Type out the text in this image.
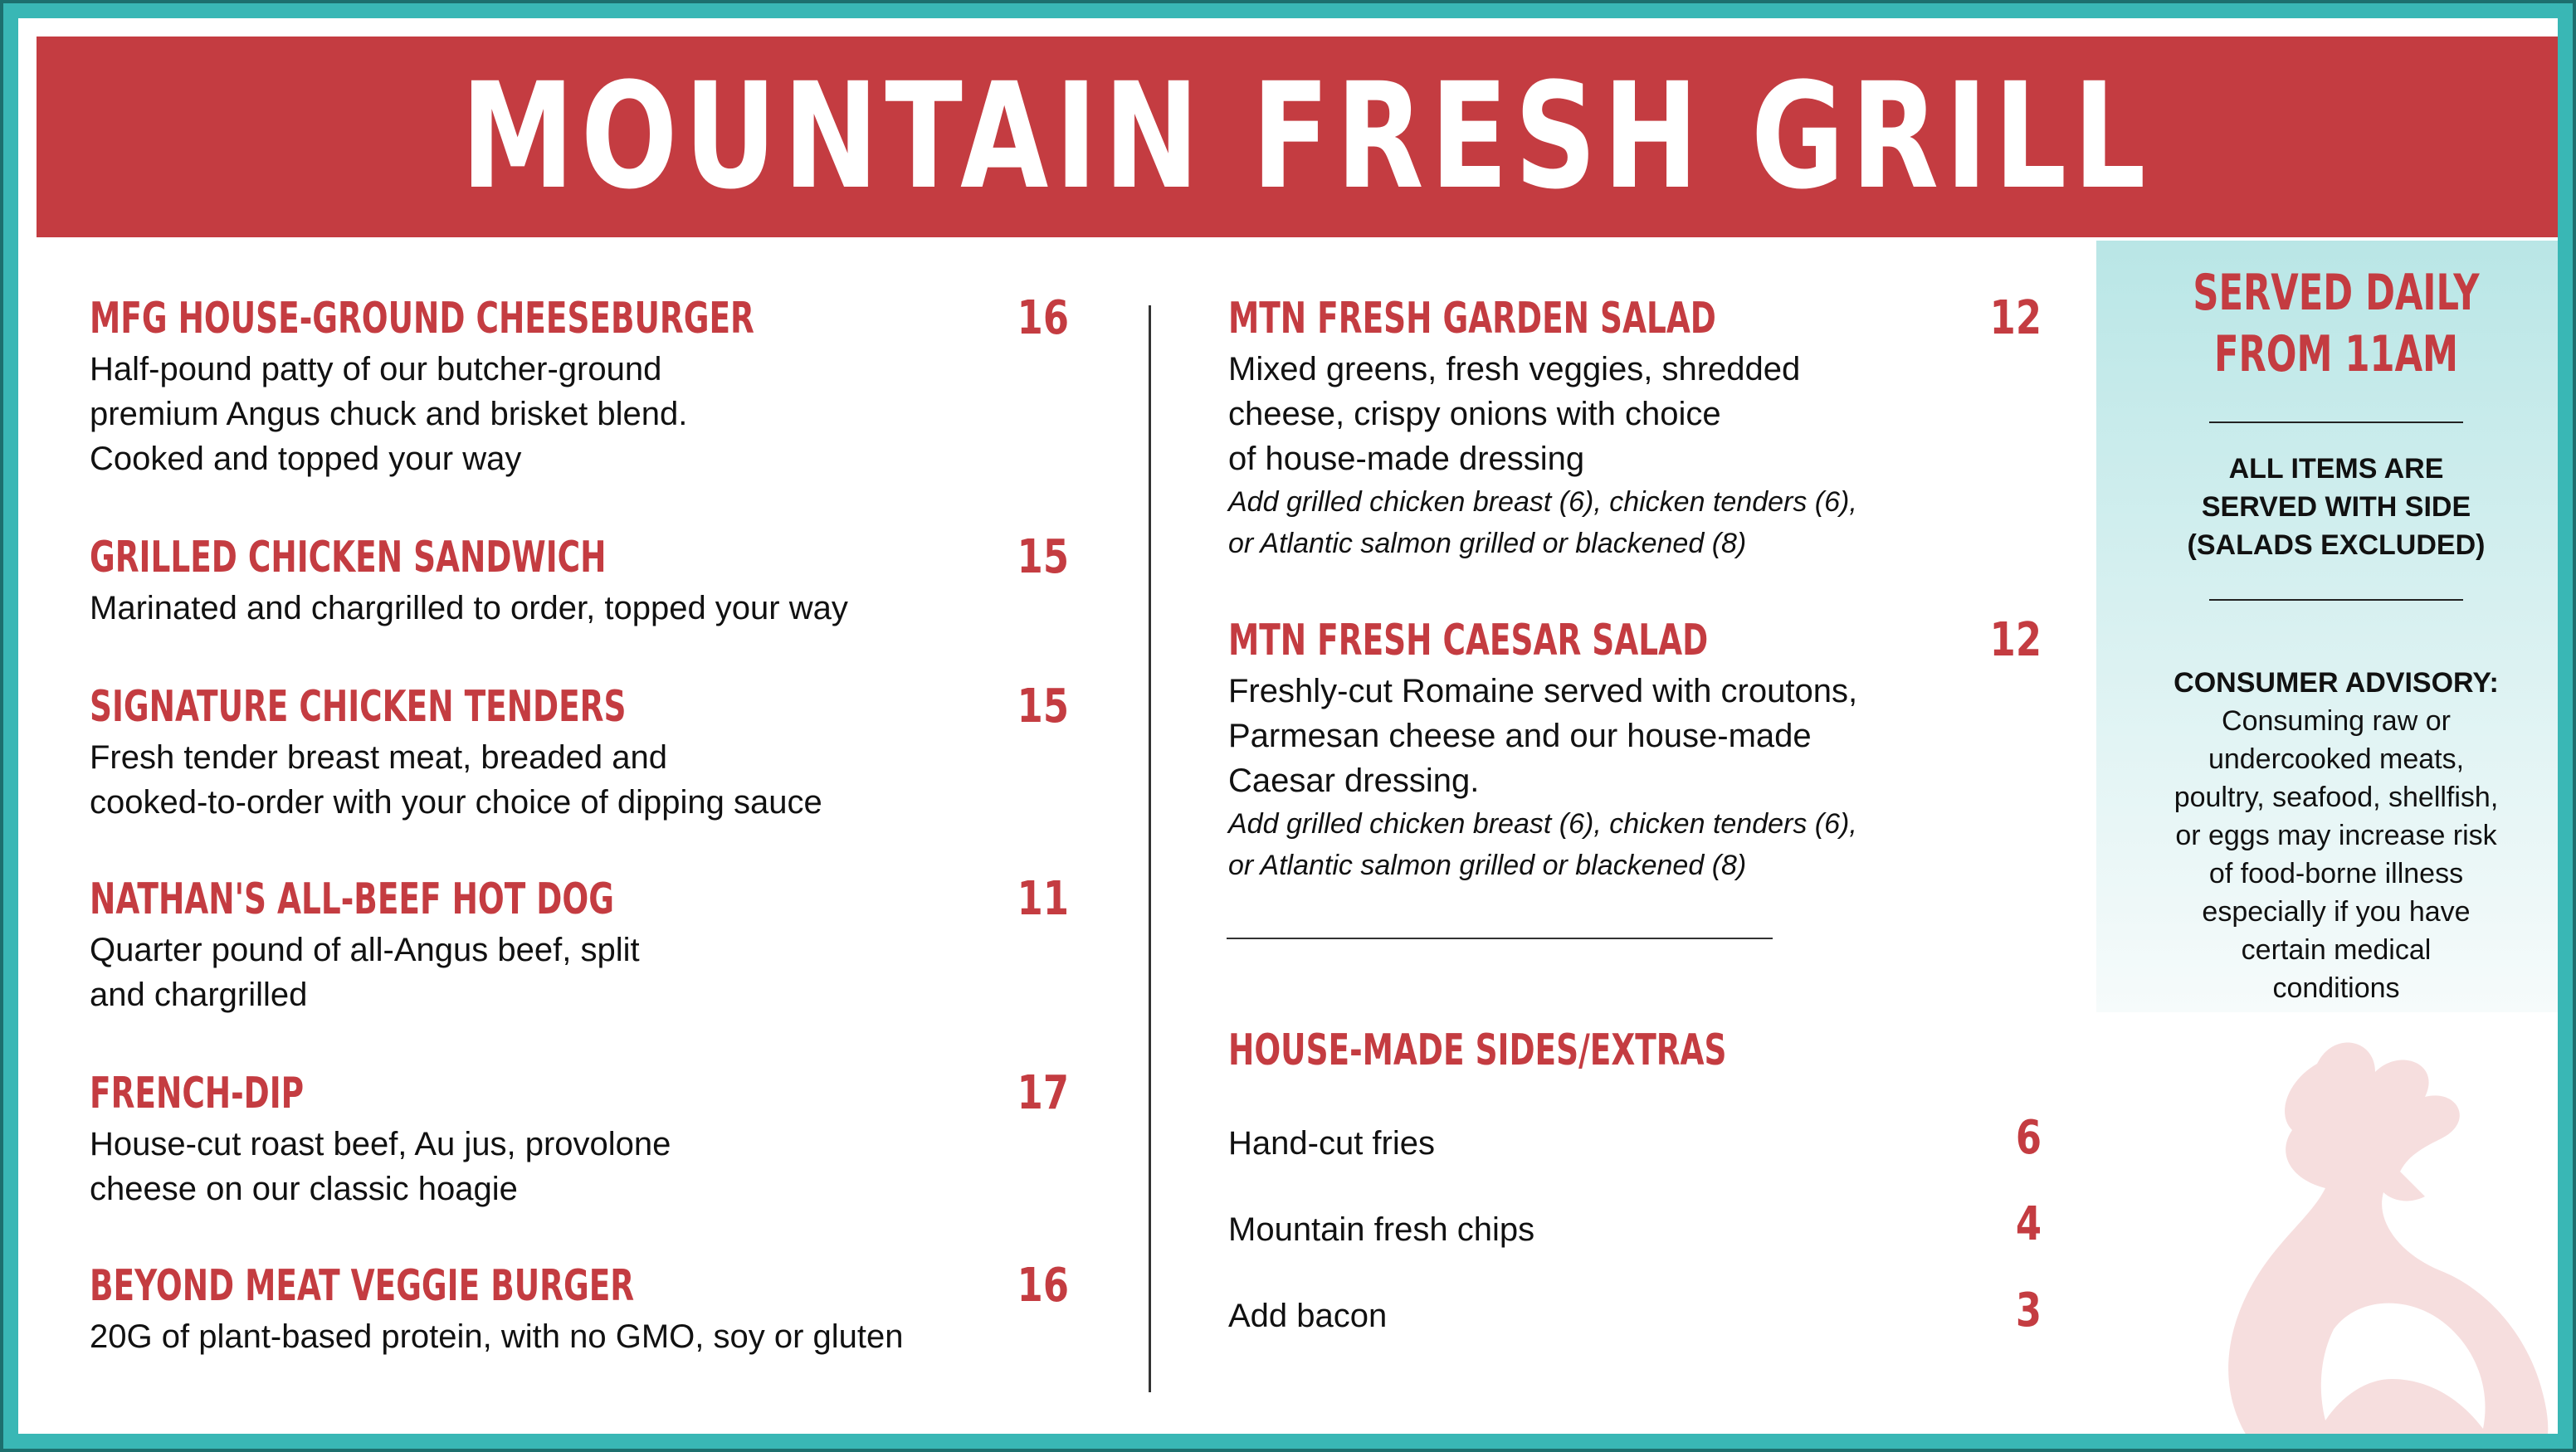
MOUNTAIN FRESH GRILL
MFG HOUSE-GROUND CHEESEBURGER	16
Half-pound patty of our butcher-ground
premium Angus chuck and brisket blend.
Cooked and topped your way
GRILLED CHICKEN SANDWICH	15
Marinated and chargrilled to order, topped your way
SIGNATURE CHICKEN TENDERS	15
Fresh tender breast meat, breaded and
cooked-to-order with your choice of dipping sauce
NATHAN'S ALL-BEEF HOT DOG	11
Quarter pound of all-Angus beef, split
and chargrilled
FRENCH-DIP	17
House-cut roast beef, Au jus, provolone
cheese on our classic hoagie
BEYOND MEAT VEGGIE BURGER	16
20G of plant-based protein, with no GMO, soy or gluten
MTN FRESH GARDEN SALAD	12
Mixed greens, fresh veggies, shredded
cheese, crispy onions with choice
of house-made dressing
Add grilled chicken breast (6), chicken tenders (6),
or Atlantic salmon grilled or blackened (8)
MTN FRESH CAESAR SALAD	12
Freshly-cut Romaine served with croutons,
Parmesan cheese and our house-made
Caesar dressing.
Add grilled chicken breast (6), chicken tenders (6),
or Atlantic salmon grilled or blackened (8)
HOUSE-MADE SIDES/EXTRAS
Hand-cut fries	6
Mountain fresh chips	4
Add bacon	3
SERVED DAILY
FROM 11AM
ALL ITEMS ARE
SERVED WITH SIDE
(SALADS EXCLUDED)
CONSUMER ADVISORY:
Consuming raw or
undercooked meats,
poultry, seafood, shellfish,
or eggs may increase risk
of food-borne illness
especially if you have
certain medical
conditions
